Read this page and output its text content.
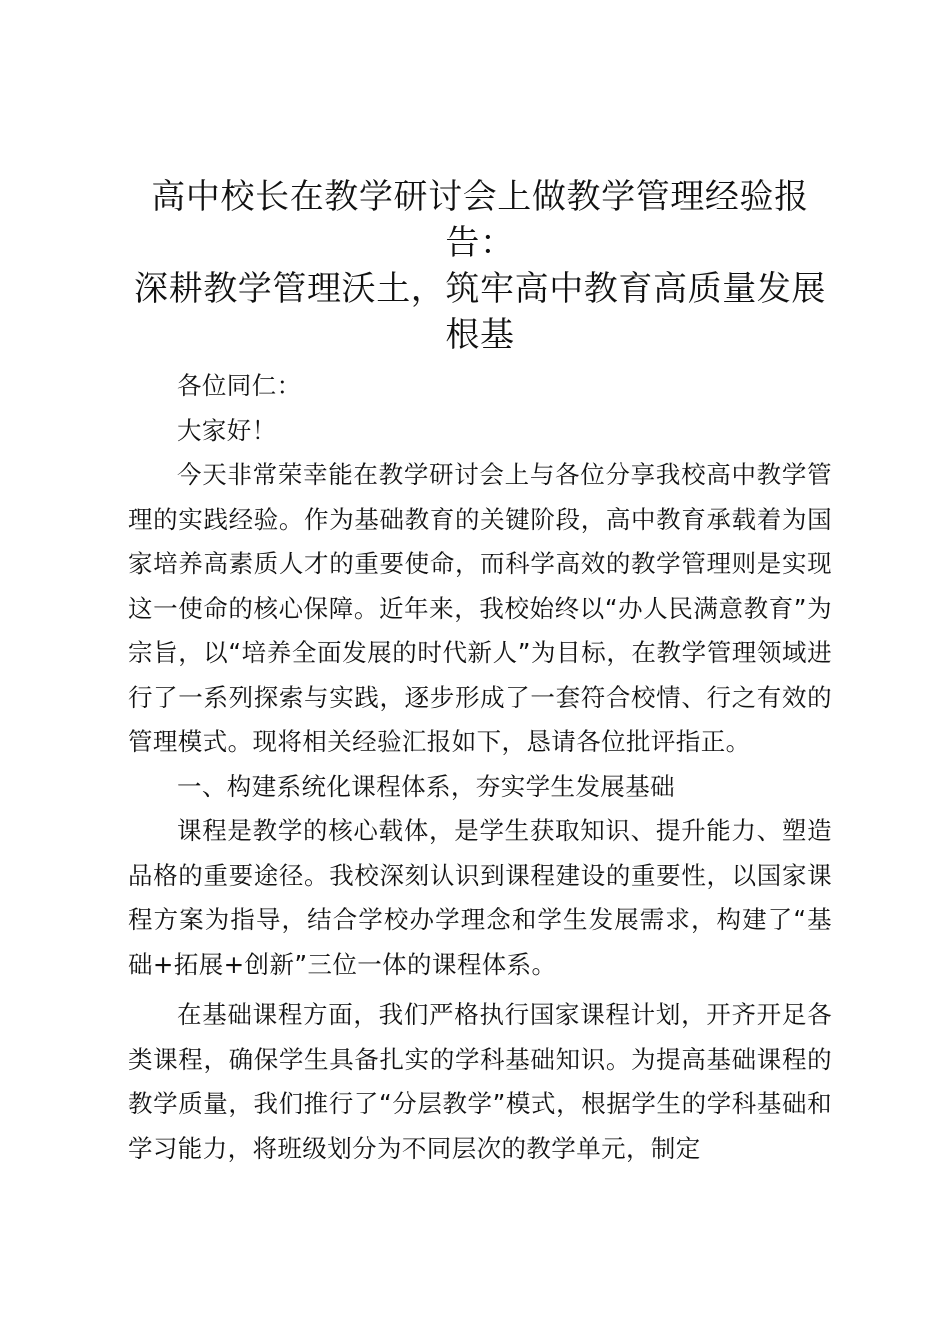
高中校长在教学研讨会上做教学管理经验报告：
深耕教学管理沃土，筑牢高中教育高质量发展
根基

各位同仁：

大家好！

今天非常荣幸能在教学研讨会上与各位分享我校高中教学管理的实践经验。作为基础教育的关键阶段，高中教育承载着为国家培养高素质人才的重要使命，而科学高效的教学管理则是实现这一使命的核心保障。近年来，我校始终以“办人民满意教育”为宗旨，以“培养全面发展的时代新人”为目标，在教学管理领域进行了一系列探索与实践，逐步形成了一套符合校情、行之有效的管理模式。现将相关经验汇报如下，恳请各位批评指正。

一、构建系统化课程体系，夯实学生发展基础

课程是教学的核心载体，是学生获取知识、提升能力、塑造品格的重要途径。我校深刻认识到课程建设的重要性，以国家课程方案为指导，结合学校办学理念和学生发展需求，构建了“基础+拓展+创新”三位一体的课程体系。

在基础课程方面，我们严格执行国家课程计划，开齐开足各类课程，确保学生具备扎实的学科基础知识。为提高基础课程的教学质量，我们推行了“分层教学”模式，根据学生的学科基础和学习能力，将班级划分为不同层次的教学单元，制定
